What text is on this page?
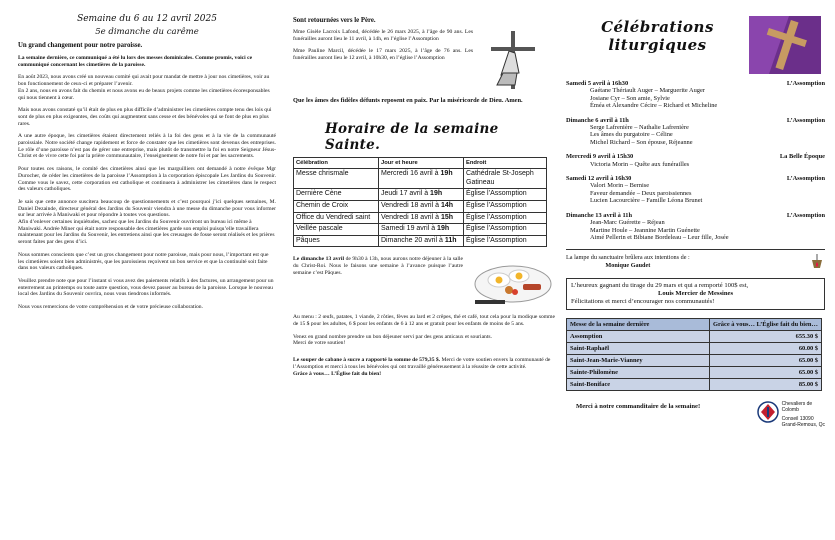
Semaine du 6 au 12 avril 2025
5e dimanche du carême

Un grand changement pour notre paroisse.

La semaine dernière, ce communiqué a été lu lors des messes dominicales. Comme promis, voici ce communiqué concernant les cimetières de la paroisse.

En août 2023, nous avons créé un nouveau comité qui avait pour mandat de mettre à jour nos cimetières, voir au bon fonctionnement de ceux-ci et préparer l’avenir.

En 2 ans, nous en avons fait du chemin et nous avons eu de beaux projets comme les cimetières écoresponsables qui nous tiennent à cœur.

Mais nous avons constaté qu’il était de plus en plus difficile d’administrer les cimetières compte tenu des lois qui sont de plus en plus exigeantes, des coûts qui augmentent sans cesse et des bénévoles qui se font de plus en plus rares.

A une autre époque, les cimetières étaient directement reliés à la foi des gens et à la vie de la communauté paroissiale. Notre société change rapidement et force de constater que les cimetières sont devenus des entreprises. Le rôle d’une paroisse n’est pas de gérer une entreprise, mais plutôt de transmettre la foi en notre Seigneur Jésus-Christ et de vivre cette foi par la prière communautaire, l’enseignement de notre foi et par les sacrements.

Pour toutes ces raisons, le comité des cimetières ainsi que les marguilliers ont demandé à notre évêque Mgr Durocher, de céder les cimetières de la paroisse l’Assomption à la corporation épiscopale Les Jardins du Souvenir. Comme vous le savez, cette corporation est catholique et continuera à administrer les cimetières dans le respect des valeurs catholiques.

Je sais que cette annonce suscitera beaucoup de questionnements et c’est pourquoi j’ici quelques semaines, M. Daniel Dezainde, directeur général des Jardins du Souvenir viendra à une messe du dimanche pour vous informer sur leur arrivée à Maniwaki et pour répondre à toutes vos questions.

Afin d’enlever certaines inquiétudes, sachez que les Jardins du Souvenir ouvriront un bureau ici même à Maniwaki. Andrée Miner qui était notre responsable des cimetières garde son emploi puisqu’elle travaillera maintenant pour les Jardins du Souvenir, les entretiens ainsi que les creusages de fosse seront réalisés et les prières seront faites par des gens d’ici.

Nous sommes conscients que c’est un gros changement pour notre paroisse, mais pour nous, l’important est que les cimetières soient bien administrés, que les paroissiens reçoivent un bon service et que la continuité soit faite dans nos valeurs catholiques.

Veuillez prendre note que pour l’instant si vous avez des paiements relatifs à des factures, un arrangement pour un enterrement au printemps ou toute autre question, vous devez passer au bureau de la paroisse. Lorsque le nouveau local des Jardins du Souvenir ouvrira, nous vous tiendrons informés.

Nous vous remercions de votre compréhension et de votre précieuse collaboration.

Sont retournées vers le Père.

Mme Gisèle Lacroix Lafond, décédée le 26 mars 2025, à l’âge de 90 ans. Les funérailles auront lieu le 11 avril, à 14h, en l’église l’Assomption

Mme Pauline Marcil, décédée le 17 mars 2025, à l’âge de 76 ans. Les funérailles auront lieu le 12 avril, à 10h30, en l’église l’Assomption

Que les âmes des fidèles défunts reposent en paix. Par la miséricorde de Dieu. Amen.

Horaire de la semaine Sainte.
Célébration	Jour et heure	Endroit
Messe chrismale	Mercredi 16 avril à 19h	Cathédrale St-Joseph Gatineau
Dernière Cène	Jeudi 17 avril à 19h	Église l’Assomption
Chemin de Croix	Vendredi 18 avril à 14h	Église l’Assomption
Office du Vendredi saint	Vendredi 18 avril à 15h	Église l’Assomption
Veillée pascale	Samedi 19 avril à 19h	Église l’Assomption
Pâques	Dimanche 20 avril à 11h	Église l’Assomption

Le dimanche 13 avril de 9h30 à 13h, nous aurons notre déjeuner à la salle du Christ-Roi. Nous le faisons une semaine à l’avance puisque l’autre semaine c’est Pâques.

Au menu : 2 œufs, patates, 1 viande, 2 rôties, fèves au lard et 2 crêpes, thé et café, tout cela pour la modique somme de 15 $ pour les adultes, 6 $ pour les enfants de 6 à 12 ans et gratuit pour les enfants de moins de 5 ans.

Venez en grand nombre prendre un bon déjeuner servi par des gens amicaux et souriants.

Merci de votre soutien!

Le souper de cabane à sucre a rapporté la somme de 579,35 $. Merci de votre soutien envers la communauté de l’Assomption et merci à tous les bénévoles qui ont travaillé généreusement à la réussite de cette activité.

Grâce à vous… L’Église fait du bien!

Célébrations
liturgiques
Samedi 5 avril à 16h30	L’Assomption
Gaétane Thériault Auger – Marguerite Auger
Josiane Cyr – Son amie, Sylvie
Éméa et Alexandre Cécire – Richard et Micheline
Dimanche 6 avril à 11h	L’Assomption
Serge Lafrenière – Nathalie Lafrenière
Les âmes du purgatoire – Céline
Michel Richard – Son épouse, Réjeanne
Mercredi 9 avril à 15h30	La Belle Époque
Victoria Morin – Quête aux funérailles
Samedi 12 avril à 16h30	L’Assomption
Valori Morin – Bernise
Faveur demandée – Deux paroissiennes
Lucien Lacourcière – Famille Léona Brunet
Dimanche 13 avril à 11h	L’Assomption
Jean-Marc Guérette – Réjean
Martine Houle – Jeannine Martin Guénette
Aimé Pellerin et Bibiane Bordeleau – Leur fille, Josée
La lampe du sanctuaire brûlera aux intentions de :
Monique Gaudet
L’heureux gagnant du tirage du 29 mars et qui a remporté 100$ est,
Louis Mercier de Messines
Félicitations et merci d’encourager nos communautés!
Messe de la semaine dernière	Grâce à vous… L’Église fait du bien…
Assomption	655.30 $
Saint-Raphaël	60.00 $
Saint-Jean-Marie-Vianney	65.00 $
Sainte-Philomène	65.00 $
Saint-Boniface	85.00 $
Merci à notre commanditaire de la semaine!	Chevaliers de
Colomb
Conseil 13090
Grand-Remous, Qc
